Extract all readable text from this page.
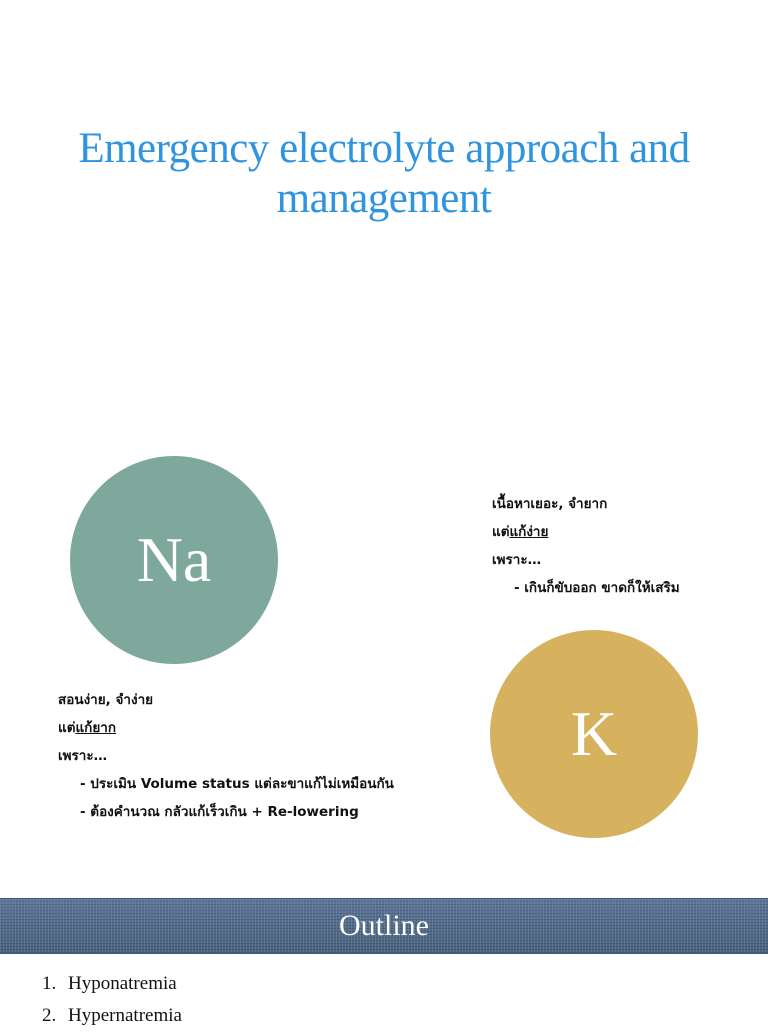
Emergency electrolyte approach and
management
Na
เนื้อหาเยอะ, จำยาก
แต่แก้ง่าย
เพราะ…
- เกินก็ขับออก ขาดก็ให้เสริม
K
สอนง่าย, จำง่าย
แต่แก้ยาก
เพราะ…
- ประเมิน Volume status แต่ละขาแก้ไม่เหมือนกัน
- ต้องคำนวณ กลัวแก้เร็วเกิน + Re-lowering
Outline
1. Hyponatremia
2. Hypernatremia
